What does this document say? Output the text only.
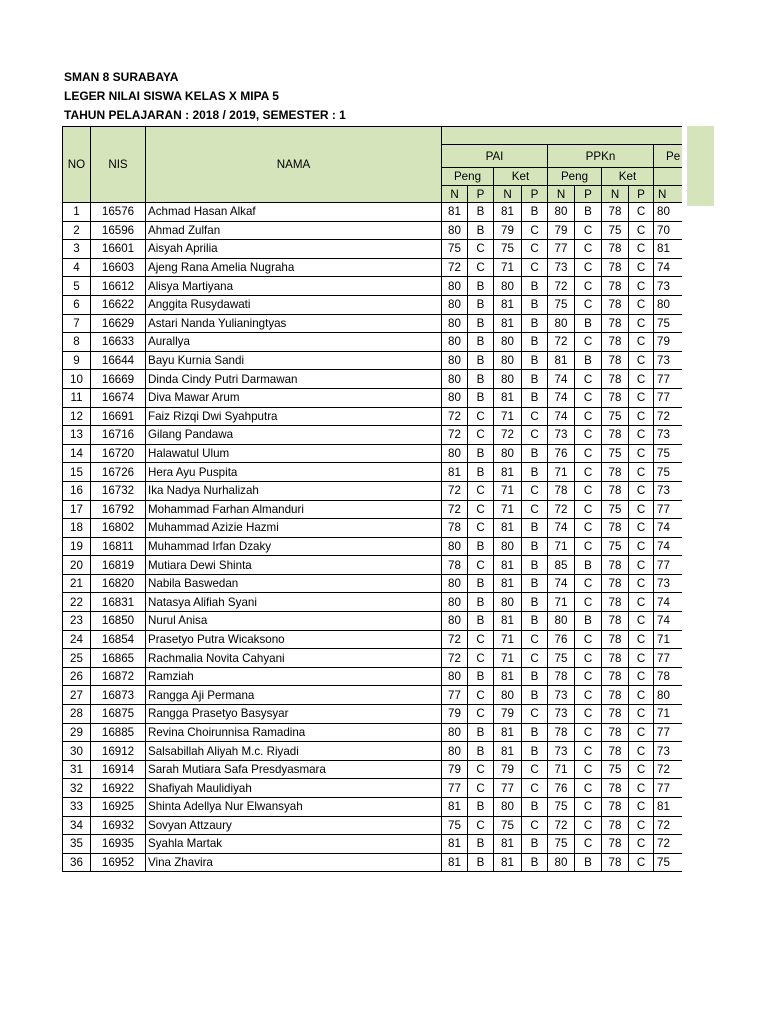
SMAN 8 SURABAYA
LEGER NILAI SISWA KELAS X MIPA 5
TAHUN PELAJARAN : 2018 / 2019, SEMESTER : 1
NO	NIS	NAMA									
			PAI				PPKn				Pe
			Peng		Ket		Peng		Ket		
			N	P	N	P	N	P	N	P	N
1	16576	Achmad Hasan Alkaf	81	B	81	B	80	B	78	C	80
2	16596	Ahmad Zulfan	80	B	79	C	79	C	75	C	70
3	16601	Aisyah Aprilia	75	C	75	C	77	C	78	C	81
4	16603	Ajeng Rana Amelia Nugraha	72	C	71	C	73	C	78	C	74
5	16612	Alisya Martiyana	80	B	80	B	72	C	78	C	73
6	16622	Anggita Rusydawati	80	B	81	B	75	C	78	C	80
7	16629	Astari Nanda Yulianingtyas	80	B	81	B	80	B	78	C	75
8	16633	Aurallya	80	B	80	B	72	C	78	C	79
9	16644	Bayu Kurnia Sandi	80	B	80	B	81	B	78	C	73
10	16669	Dinda Cindy Putri Darmawan	80	B	80	B	74	C	78	C	77
11	16674	Diva Mawar Arum	80	B	81	B	74	C	78	C	77
12	16691	Faiz Rizqi Dwi Syahputra	72	C	71	C	74	C	75	C	72
13	16716	Gilang Pandawa	72	C	72	C	73	C	78	C	73
14	16720	Halawatul Ulum	80	B	80	B	76	C	75	C	75
15	16726	Hera Ayu Puspita	81	B	81	B	71	C	78	C	75
16	16732	Ika Nadya Nurhalizah	72	C	71	C	78	C	78	C	73
17	16792	Mohammad Farhan Almanduri	72	C	71	C	72	C	75	C	77
18	16802	Muhammad Azizie Hazmi	78	C	81	B	74	C	78	C	74
19	16811	Muhammad Irfan Dzaky	80	B	80	B	71	C	75	C	74
20	16819	Mutiara Dewi Shinta	78	C	81	B	85	B	78	C	77
21	16820	Nabila Baswedan	80	B	81	B	74	C	78	C	73
22	16831	Natasya Alifiah Syani	80	B	80	B	71	C	78	C	74
23	16850	Nurul Anisa	80	B	81	B	80	B	78	C	74
24	16854	Prasetyo Putra Wicaksono	72	C	71	C	76	C	78	C	71
25	16865	Rachmalia Novita Cahyani	72	C	71	C	75	C	78	C	77
26	16872	Ramziah	80	B	81	B	78	C	78	C	78
27	16873	Rangga Aji Permana	77	C	80	B	73	C	78	C	80
28	16875	Rangga Prasetyo Basysyar	79	C	79	C	73	C	78	C	71
29	16885	Revina Choirunnisa Ramadina	80	B	81	B	78	C	78	C	77
30	16912	Salsabillah Aliyah M.c. Riyadi	80	B	81	B	73	C	78	C	73
31	16914	Sarah Mutiara Safa Presdyasmara	79	C	79	C	71	C	75	C	72
32	16922	Shafiyah Maulidiyah	77	C	77	C	76	C	78	C	77
33	16925	Shinta Adellya Nur Elwansyah	81	B	80	B	75	C	78	C	81
34	16932	Sovyan Attzaury	75	C	75	C	72	C	78	C	72
35	16935	Syahla Martak	81	B	81	B	75	C	78	C	72
36	16952	Vina Zhavira	81	B	81	B	80	B	78	C	75
